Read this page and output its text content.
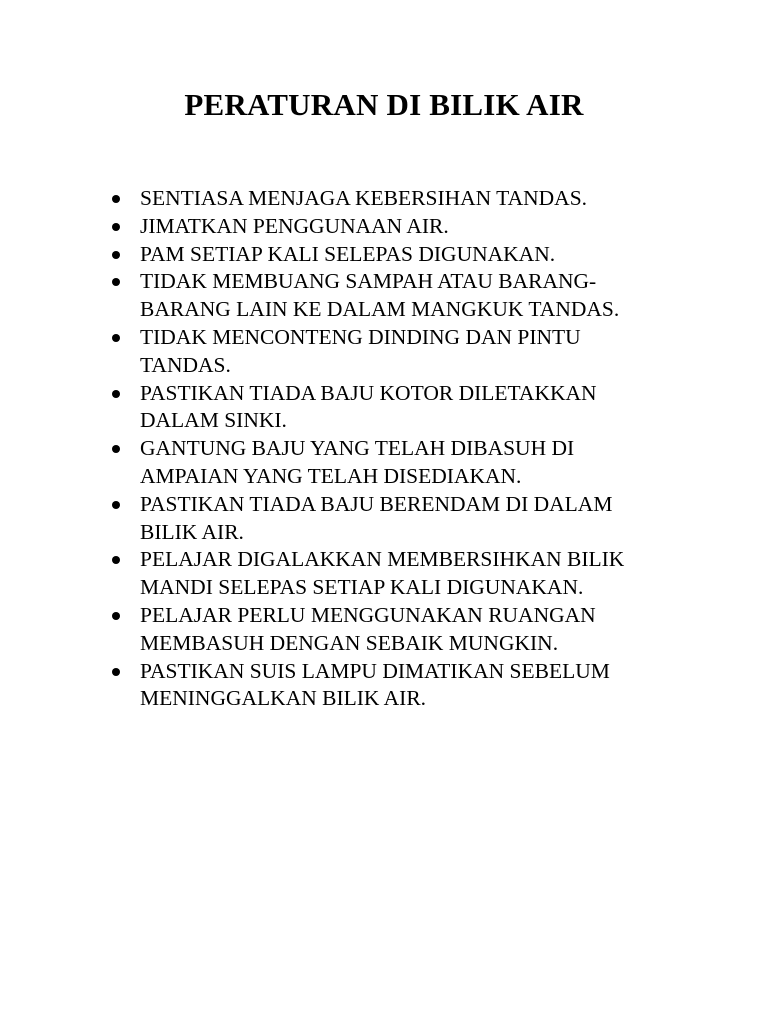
PERATURAN DI BILIK AIR
SENTIASA MENJAGA KEBERSIHAN TANDAS.
JIMATKAN PENGGUNAAN AIR.
PAM SETIAP KALI SELEPAS DIGUNAKAN.
TIDAK MEMBUANG SAMPAH ATAU BARANG-
BARANG LAIN KE DALAM MANGKUK TANDAS.
TIDAK MENCONTENG DINDING DAN PINTU
TANDAS.
PASTIKAN TIADA BAJU KOTOR DILETAKKAN
DALAM SINKI.
GANTUNG BAJU YANG TELAH DIBASUH DI
AMPAIAN YANG TELAH DISEDIAKAN.
PASTIKAN TIADA BAJU BERENDAM DI DALAM
BILIK AIR.
PELAJAR DIGALAKKAN MEMBERSIHKAN BILIK
MANDI SELEPAS SETIAP KALI DIGUNAKAN.
PELAJAR PERLU MENGGUNAKAN RUANGAN
MEMBASUH DENGAN SEBAIK MUNGKIN.
PASTIKAN SUIS LAMPU DIMATIKAN SEBELUM
MENINGGALKAN BILIK AIR.
